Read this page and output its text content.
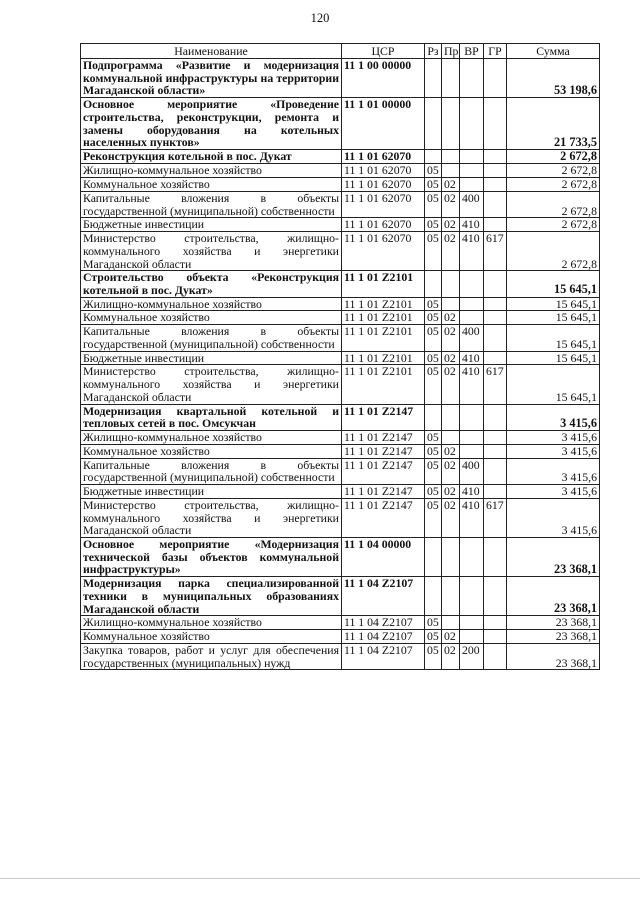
120
Наименование	ЦСР	Рз	Пр	ВР	ГР	Сумма
Подпрограмма «Развитие и модернизация коммунальной инфраструктуры на территории Магаданской области»	11 1 00 00000					53 198,6
Основное мероприятие «Проведение строительства, реконструкции, ремонта и замены оборудования на котельных населенных пунктов»	11 1 01 00000					21 733,5
Реконструкция котельной в пос. Дукат	11 1 01 62070					2 672,8
Жилищно-коммунальное хозяйство	11 1 01 62070	05				2 672,8
Коммунальное хозяйство	11 1 01 62070	05	02			2 672,8
Капитальные вложения в объекты государственной (муниципальной) собственности	11 1 01 62070	05	02	400		2 672,8
Бюджетные инвестиции	11 1 01 62070	05	02	410		2 672,8
Министерство строительства, жилищно-коммунального хозяйства и энергетики Магаданской области	11 1 01 62070	05	02	410	617	2 672,8
Строительство объекта «Реконструкция котельной в пос. Дукат»	11 1 01 Z2101					15 645,1
Жилищно-коммунальное хозяйство	11 1 01 Z2101	05				15 645,1
Коммунальное хозяйство	11 1 01 Z2101	05	02			15 645,1
Капитальные вложения в объекты государственной (муниципальной) собственности	11 1 01 Z2101	05	02	400		15 645,1
Бюджетные инвестиции	11 1 01 Z2101	05	02	410		15 645,1
Министерство строительства, жилищно-коммунального хозяйства и энергетики Магаданской области	11 1 01 Z2101	05	02	410	617	15 645,1
Модернизация квартальной котельной и тепловых сетей в пос. Омсукчан	11 1 01 Z2147					3 415,6
Жилищно-коммунальное хозяйство	11 1 01 Z2147	05				3 415,6
Коммунальное хозяйство	11 1 01 Z2147	05	02			3 415,6
Капитальные вложения в объекты государственной (муниципальной) собственности	11 1 01 Z2147	05	02	400		3 415,6
Бюджетные инвестиции	11 1 01 Z2147	05	02	410		3 415,6
Министерство строительства, жилищно-коммунального хозяйства и энергетики Магаданской области	11 1 01 Z2147	05	02	410	617	3 415,6
Основное мероприятие «Модернизация технической базы объектов коммунальной инфраструктуры»	11 1 04 00000					23 368,1
Модернизация парка специализированной техники в муниципальных образованиях Магаданской области	11 1 04 Z2107					23 368,1
Жилищно-коммунальное хозяйство	11 1 04 Z2107	05				23 368,1
Коммунальное хозяйство	11 1 04 Z2107	05	02			23 368,1
Закупка товаров, работ и услуг для обеспечения государственных (муниципальных) нужд	11 1 04 Z2107	05	02	200		23 368,1
